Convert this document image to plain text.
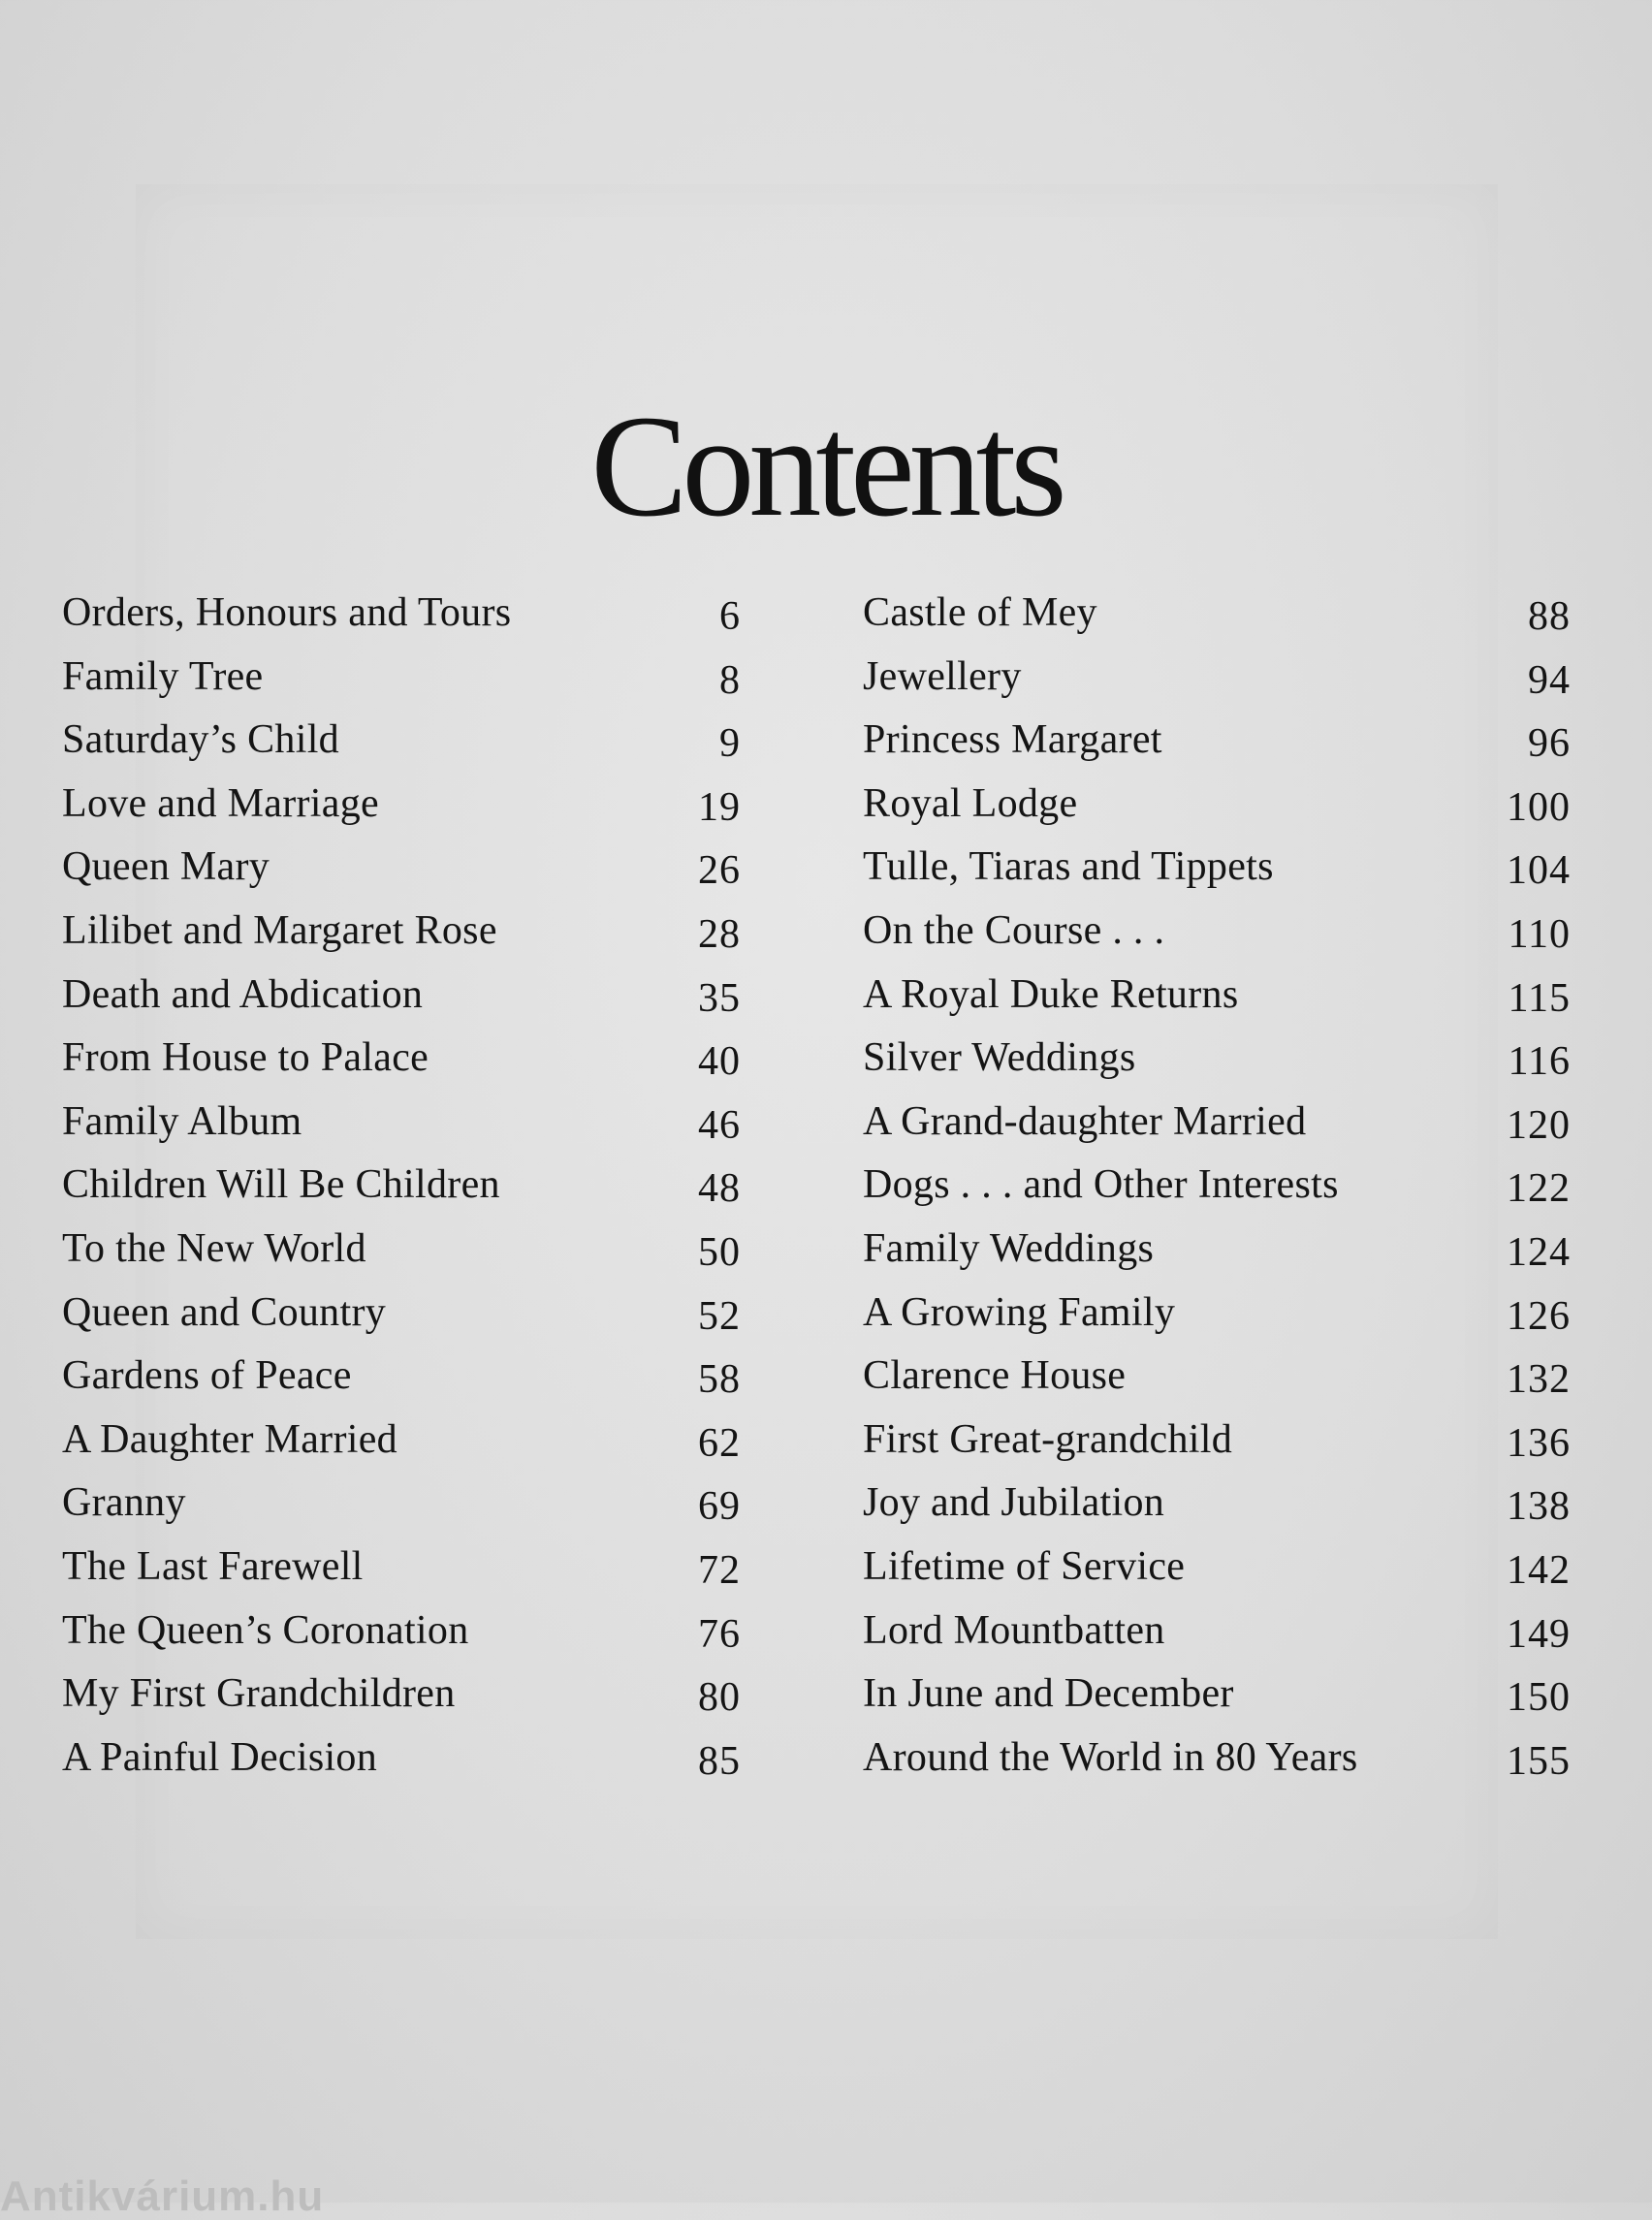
Contents
Orders, Honours and Tours	6
Family Tree	8
Saturday’s Child	9
Love and Marriage	19
Queen Mary	26
Lilibet and Margaret Rose	28
Death and Abdication	35
From House to Palace	40
Family Album	46
Children Will Be Children	48
To the New World	50
Queen and Country	52
Gardens of Peace	58
A Daughter Married	62
Granny	69
The Last Farewell	72
The Queen’s Coronation	76
My First Grandchildren	80
A Painful Decision	85
Castle of Mey	88
Jewellery	94
Princess Margaret	96
Royal Lodge	100
Tulle, Tiaras and Tippets	104
On the Course . . .	110
A Royal Duke Returns	115
Silver Weddings	116
A Grand-daughter Married	120
Dogs . . . and Other Interests	122
Family Weddings	124
A Growing Family	126
Clarence House	132
First Great-grandchild	136
Joy and Jubilation	138
Lifetime of Service	142
Lord Mountbatten	149
In June and December	150
Around the World in 80 Years	155
Antikvárium.hu
